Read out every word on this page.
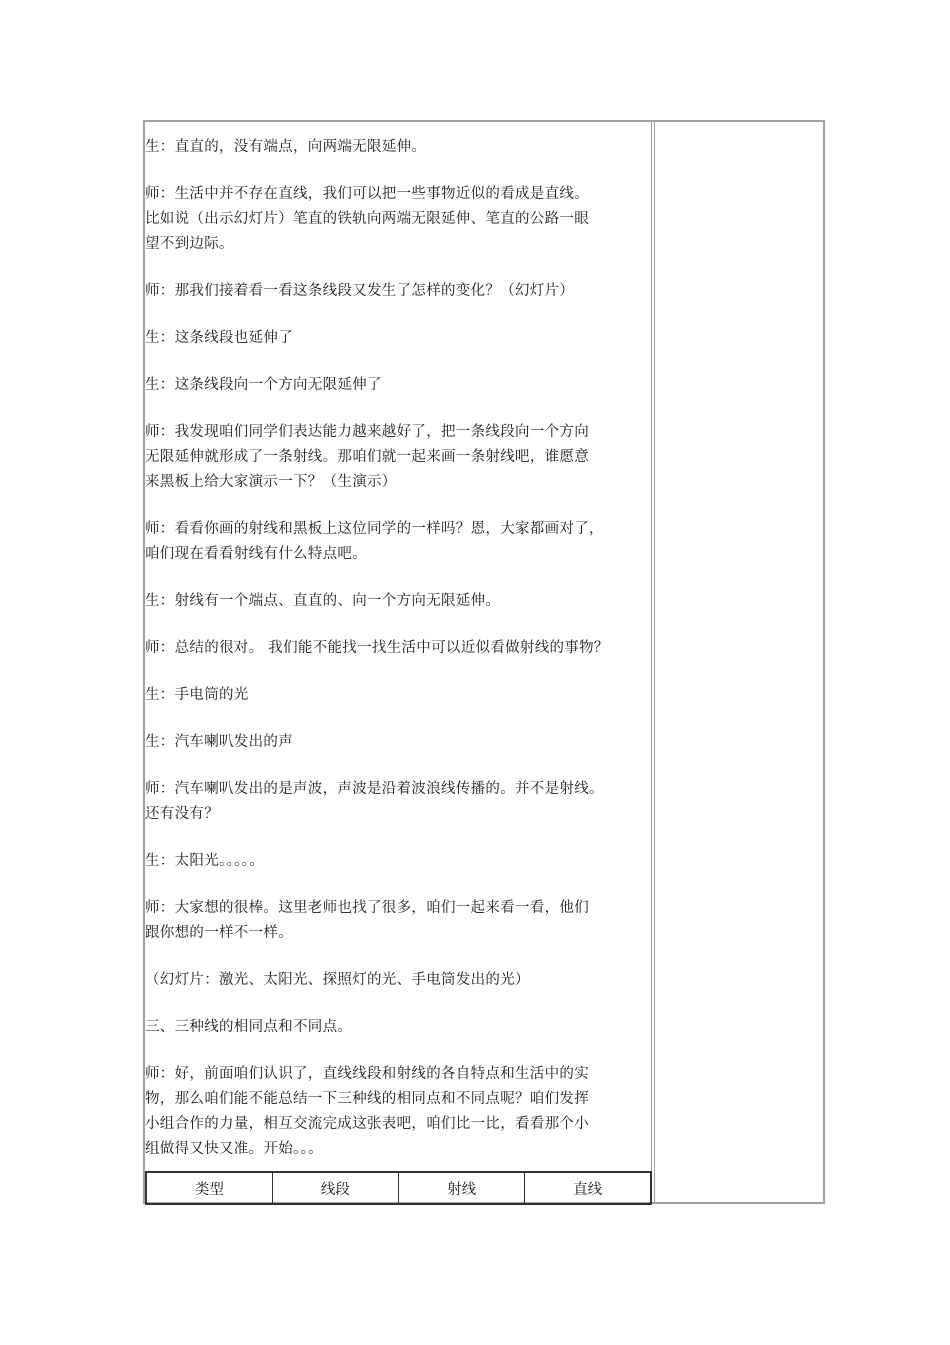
生：直直的，没有端点，向两端无限延伸。

师：生活中并不存在直线，我们可以把一些事物近似的看成是直线。
比如说（出示幻灯片）笔直的铁轨向两端无限延伸、笔直的公路一眼
望不到边际。

师：那我们接着看一看这条线段又发生了怎样的变化？（幻灯片）

生：这条线段也延伸了

生：这条线段向一个方向无限延伸了

师：我发现咱们同学们表达能力越来越好了，把一条线段向一个方向
无限延伸就形成了一条射线。那咱们就一起来画一条射线吧，谁愿意
来黑板上给大家演示一下？（生演示）

师：看看你画的射线和黑板上这位同学的一样吗？恩，大家都画对了，
咱们现在看看射线有什么特点吧。

生：射线有一个端点、直直的、向一个方向无限延伸。

师：总结的很对。 我们能不能找一找生活中可以近似看做射线的事物？

生：手电筒的光

生：汽车喇叭发出的声

师：汽车喇叭发出的是声波，声波是沿着波浪线传播的。并不是射线。
还有没有？

生：太阳光。。。。。

师：大家想的很棒。这里老师也找了很多，咱们一起来看一看，他们
跟你想的一样不一样。

（幻灯片：激光、太阳光、探照灯的光、手电筒发出的光）

三、三种线的相同点和不同点。

师：好，前面咱们认识了，直线线段和射线的各自特点和生活中的实
物，那么咱们能不能总结一下三种线的相同点和不同点呢？咱们发挥
小组合作的力量，相互交流完成这张表吧，咱们比一比，看看那个小
组做得又快又准。开始。。。

类型	线段	射线	直线
